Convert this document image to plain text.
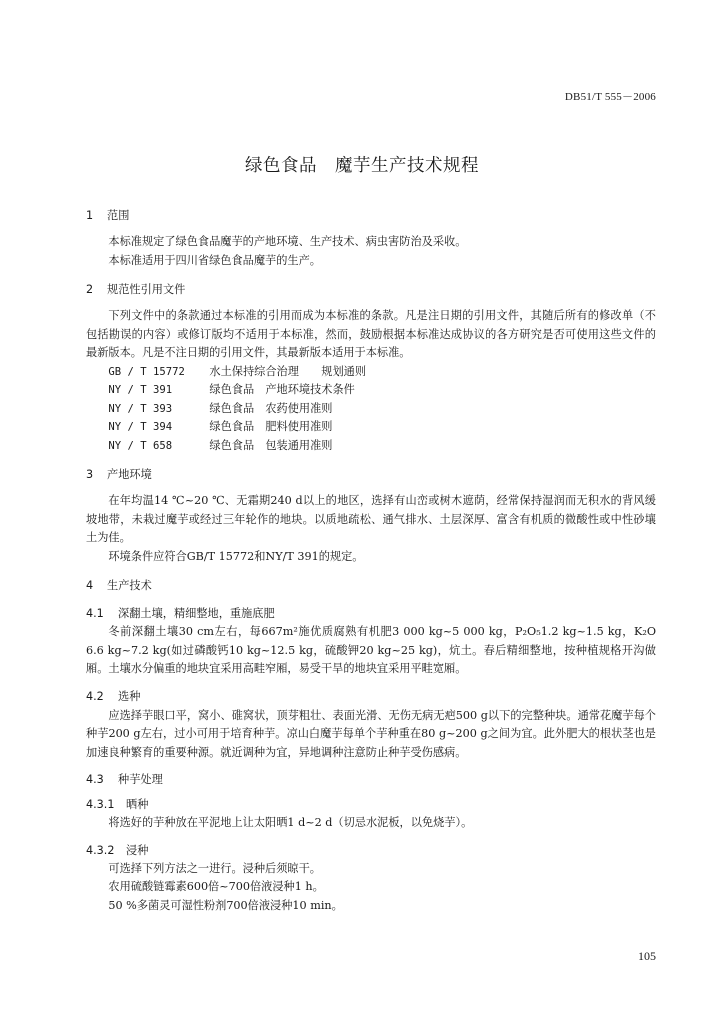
DB51/T 555－2006
绿色食品　魔芋生产技术规程
1 范围

本标准规定了绿色食品魔芋的产地环境、生产技术、病虫害防治及采收。

本标准适用于四川省绿色食品魔芋的生产。

2 规范性引用文件

下列文件中的条款通过本标准的引用而成为本标准的条款。凡是注日期的引用文件，其随后所有的修改单（不包括勘误的内容）或修订版均不适用于本标准，然而，鼓励根据本标准达成协议的各方研究是否可使用这些文件的最新版本。凡是不注日期的引用文件，其最新版本适用于本标准。

GB / T 15772 水土保持综合治理　　规划通则
NY / T 391	绿色食品　产地环境技术条件
NY / T 393	绿色食品　农药使用准则
NY / T 394	绿色食品　肥料使用准则
NY / T 658	绿色食品　包装通用准则
3 产地环境

在年均温14 ℃~20 ℃、无霜期240 d以上的地区，选择有山峦或树木遮荫，经常保持湿润而无积水的背风缓坡地带，未栽过魔芋或经过三年轮作的地块。以质地疏松、通气排水、土层深厚、富含有机质的微酸性或中性砂壤土为佳。

环境条件应符合GB/T 15772和NY/T 391的规定。

4 生产技术
4.1 深翻土壤，精细整地，重施底肥

冬前深翻土壤30 cm左右，每667m²施优质腐熟有机肥3 000 kg~5 000 kg，P₂O₅1.2 kg~1.5 kg，K₂O 6.6 kg~7.2 kg(如过磷酸钙10 kg~12.5 kg，硫酸钾20 kg~25 kg)，炕土。春后精细整地，按种植规格开沟做厢。土壤水分偏重的地块宜采用高畦窄厢，易受干旱的地块宜采用平畦宽厢。

4.2 选种

应选择芋眼口平，窝小、碓窝状，顶芽粗壮、表面光滑、无伤无病无疤500 g以下的完整种块。通常花魔芋每个种芋200 g左右，过小可用于培育种芋。凉山白魔芋每单个芋种重在80 g~200 g之间为宜。此外肥大的根状茎也是加速良种繁育的重要种源。就近调种为宜，异地调种注意防止种芋受伤感病。

4.3 种芋处理
4.3.1 晒种

将选好的芋种放在平泥地上让太阳晒1 d~2 d（切忌水泥板，以免烧芋）。

4.3.2 浸种
可选择下列方法之一进行。浸种后须晾干。
农用硫酸链霉素600倍~700倍液浸种1 h。
50 %多菌灵可湿性粉剂700倍液浸种10 min。
105
